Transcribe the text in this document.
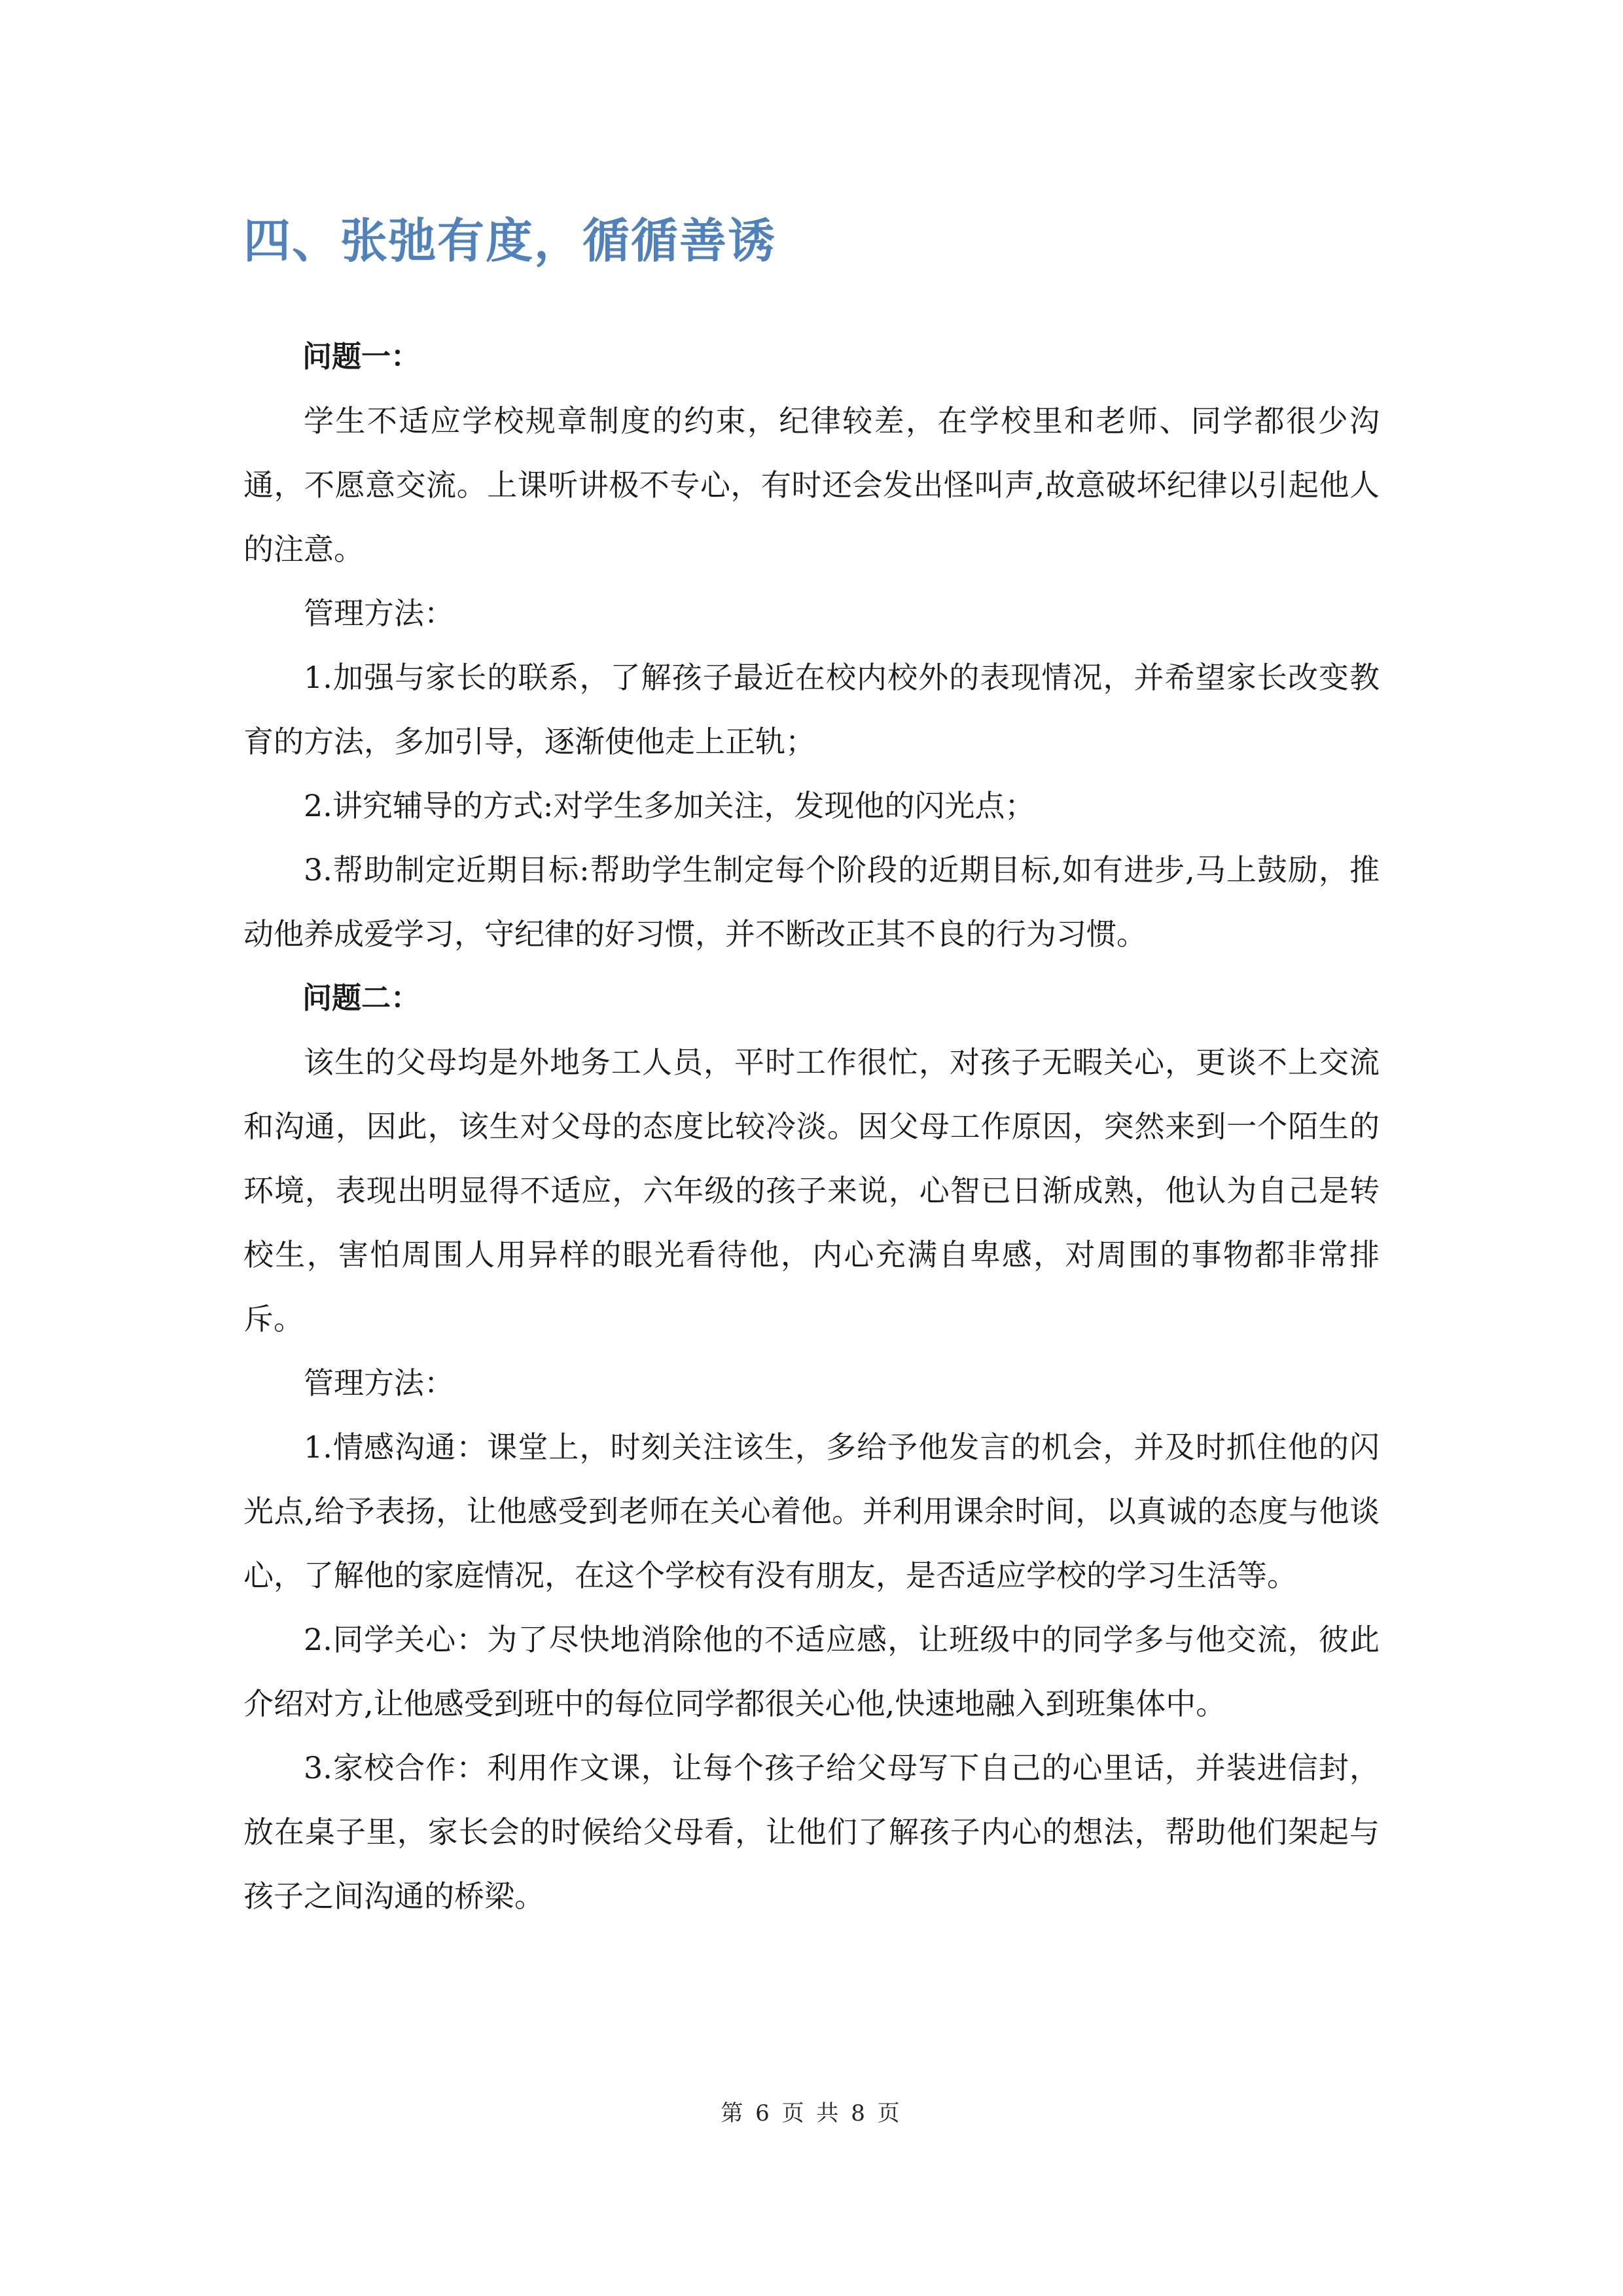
四、张弛有度，循循善诱

问题一：

学生不适应学校规章制度的约束，纪律较差，在学校里和老师、同学都很少沟通，不愿意交流。上课听讲极不专心，有时还会发出怪叫声,故意破坏纪律以引起他人的注意。

管理方法：

1.加强与家长的联系，了解孩子最近在校内校外的表现情况，并希望家长改变教育的方法，多加引导，逐渐使他走上正轨；

2.讲究辅导的方式:对学生多加关注，发现他的闪光点；

3.帮助制定近期目标:帮助学生制定每个阶段的近期目标,如有进步,马上鼓励，推动他养成爱学习，守纪律的好习惯，并不断改正其不良的行为习惯。

问题二：

该生的父母均是外地务工人员，平时工作很忙，对孩子无暇关心，更谈不上交流和沟通，因此，该生对父母的态度比较冷淡。因父母工作原因，突然来到一个陌生的环境，表现出明显得不适应，六年级的孩子来说，心智已日渐成熟，他认为自己是转校生，害怕周围人用异样的眼光看待他，内心充满自卑感，对周围的事物都非常排斥。

管理方法：

1.情感沟通：课堂上，时刻关注该生，多给予他发言的机会，并及时抓住他的闪光点,给予表扬，让他感受到老师在关心着他。并利用课余时间，以真诚的态度与他谈心，了解他的家庭情况，在这个学校有没有朋友，是否适应学校的学习生活等。

2.同学关心：为了尽快地消除他的不适应感，让班级中的同学多与他交流，彼此介绍对方,让他感受到班中的每位同学都很关心他,快速地融入到班集体中。

3.家校合作：利用作文课，让每个孩子给父母写下自己的心里话，并装进信封，放在桌子里，家长会的时候给父母看，让他们了解孩子内心的想法，帮助他们架起与孩子之间沟通的桥梁。

第 6 页 共 8 页
